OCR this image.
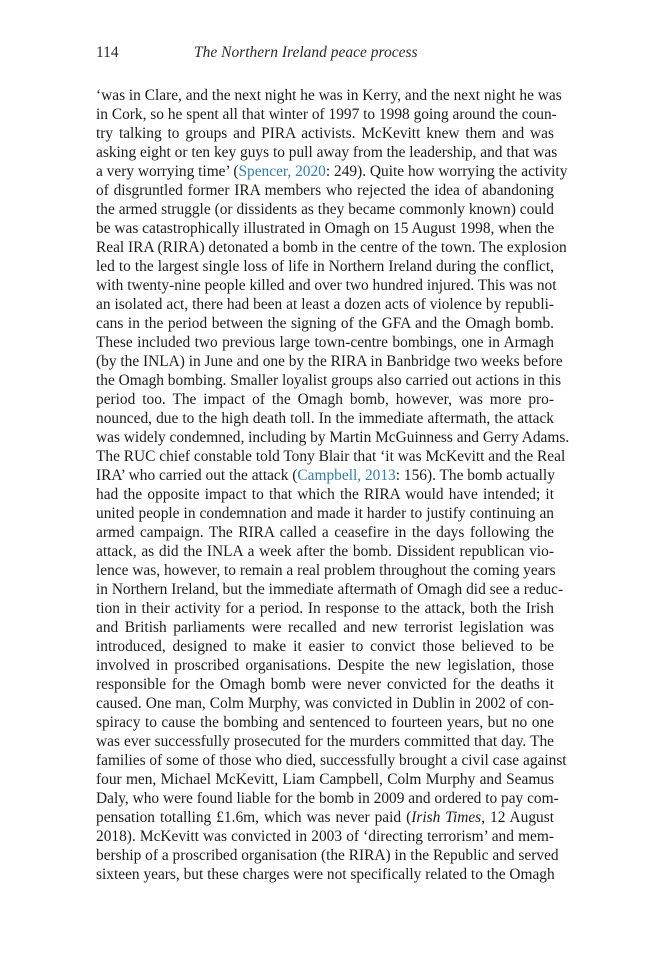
114	The Northern Ireland peace process
‘was in Clare, and the next night he was in Kerry, and the next night he was
in Cork, so he spent all that winter of 1997 to 1998 going around the coun-
try talking to groups and PIRA activists. McKevitt knew them and was
asking eight or ten key guys to pull away from the leadership, and that was
a very worrying time’ (Spencer, 2020: 249). Quite how worrying the activity
of disgruntled former IRA members who rejected the idea of abandoning
the armed struggle (or dissidents as they became commonly known) could
be was catastrophically illustrated in Omagh on 15 August 1998, when the
Real IRA (RIRA) detonated a bomb in the centre of the town. The explosion
led to the largest single loss of life in Northern Ireland during the conflict,
with twenty-nine people killed and over two hundred injured. This was not
an isolated act, there had been at least a dozen acts of violence by republi-
cans in the period between the signing of the GFA and the Omagh bomb.
These included two previous large town-centre bombings, one in Armagh
(by the INLA) in June and one by the RIRA in Banbridge two weeks before
the Omagh bombing. Smaller loyalist groups also carried out actions in this
period too. The impact of the Omagh bomb, however, was more pro-
nounced, due to the high death toll. In the immediate aftermath, the attack
was widely condemned, including by Martin McGuinness and Gerry Adams.
The RUC chief constable told Tony Blair that ‘it was McKevitt and the Real
IRA’ who carried out the attack (Campbell, 2013: 156). The bomb actually
had the opposite impact to that which the RIRA would have intended; it
united people in condemnation and made it harder to justify continuing an
armed campaign. The RIRA called a ceasefire in the days following the
attack, as did the INLA a week after the bomb. Dissident republican vio-
lence was, however, to remain a real problem throughout the coming years
in Northern Ireland, but the immediate aftermath of Omagh did see a reduc-
tion in their activity for a period. In response to the attack, both the Irish
and British parliaments were recalled and new terrorist legislation was
introduced, designed to make it easier to convict those believed to be
involved in proscribed organisations. Despite the new legislation, those
responsible for the Omagh bomb were never convicted for the deaths it
caused. One man, Colm Murphy, was convicted in Dublin in 2002 of con-
spiracy to cause the bombing and sentenced to fourteen years, but no one
was ever successfully prosecuted for the murders committed that day. The
families of some of those who died, successfully brought a civil case against
four men, Michael McKevitt, Liam Campbell, Colm Murphy and Seamus
Daly, who were found liable for the bomb in 2009 and ordered to pay com-
pensation totalling £1.6m, which was never paid (Irish Times, 12 August
2018). McKevitt was convicted in 2003 of ‘directing terrorism’ and mem-
bership of a proscribed organisation (the RIRA) in the Republic and served
sixteen years, but these charges were not specifically related to the Omagh
